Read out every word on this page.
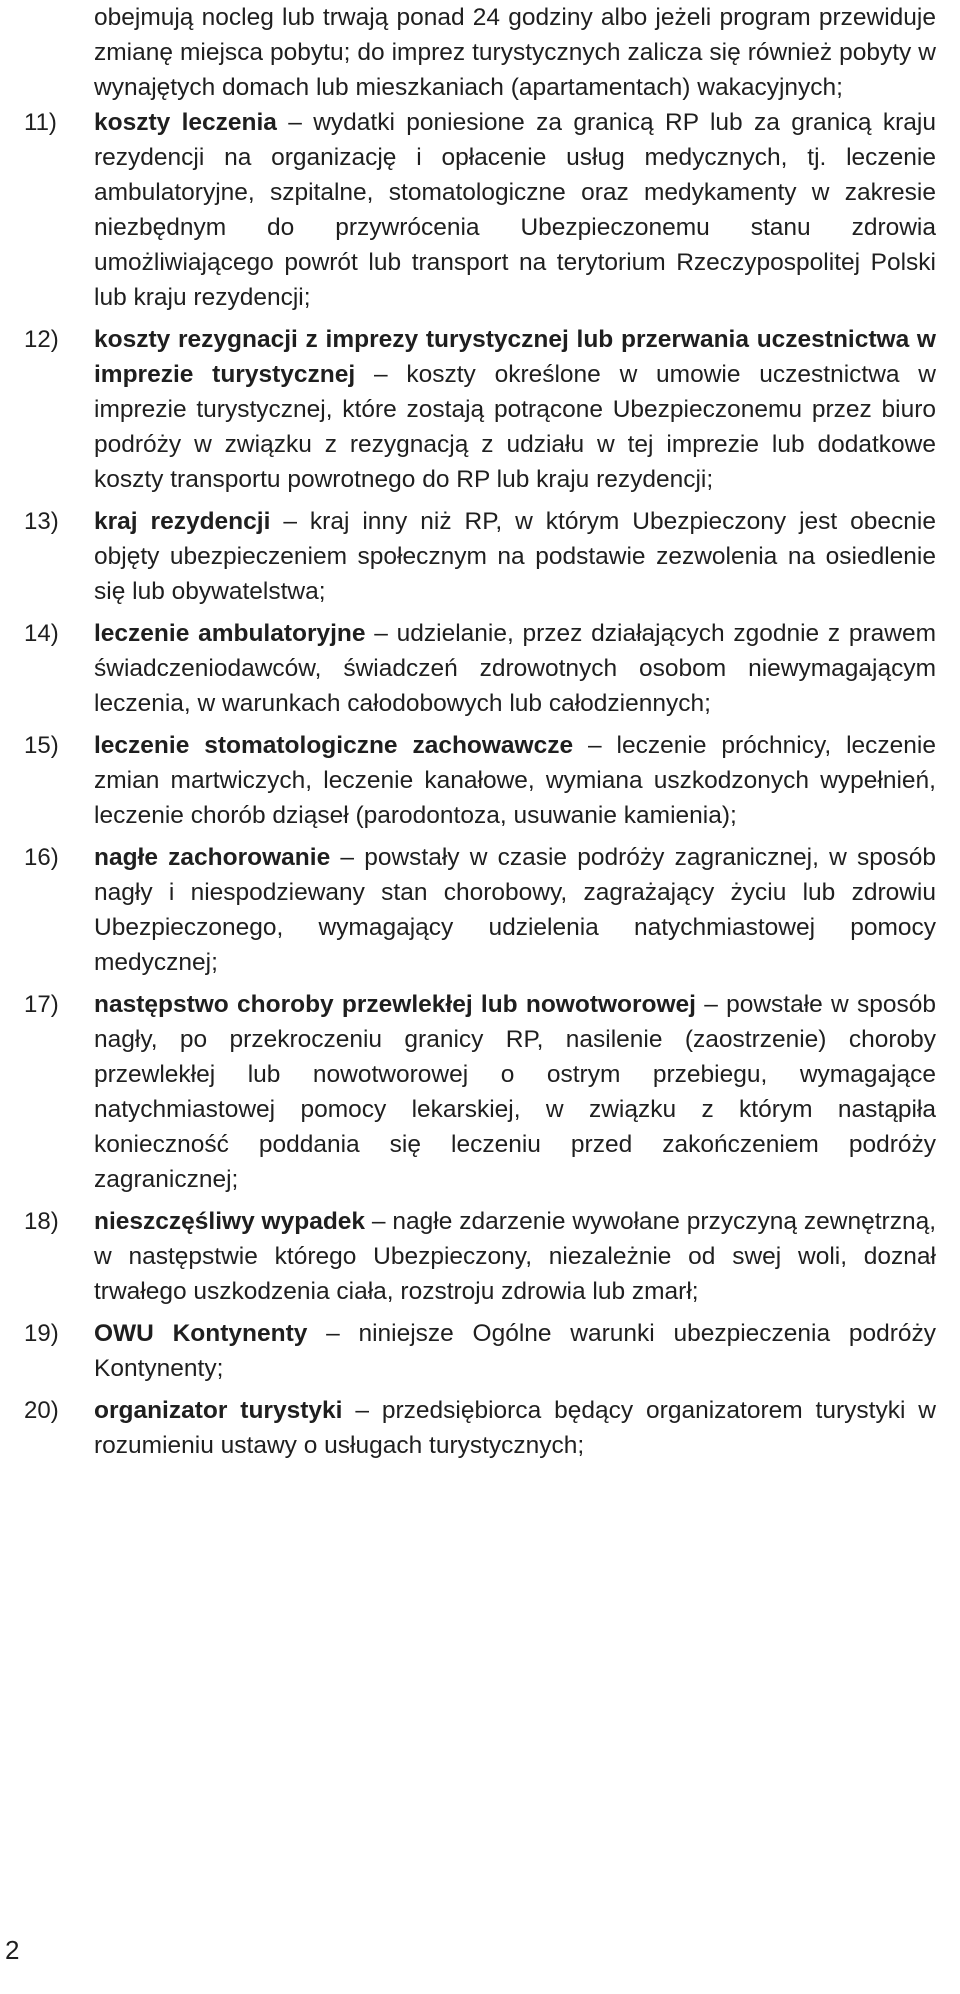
obejmują nocleg lub trwają ponad 24 godziny albo jeżeli program przewiduje zmianę miejsca pobytu; do imprez turystycznych zalicza się również pobyty w wynajętych domach lub mieszkaniach (apartamentach) wakacyjnych;

11)	koszty leczenia – wydatki poniesione za granicą RP lub za granicą kraju rezydencji na organizację i opłacenie usług medycznych, tj. leczenie ambulatoryjne, szpitalne, stomatologiczne oraz medykamenty w zakresie niezbędnym do przywrócenia Ubezpieczonemu stanu zdrowia umożliwiającego powrót lub transport na terytorium Rzeczypospolitej Polski lub kraju rezydencji;
12)	koszty rezygnacji z imprezy turystycznej lub przerwania uczestnictwa w imprezie turystycznej – koszty określone w umowie uczestnictwa w imprezie turystycznej, które zostają potrącone Ubezpieczonemu przez biuro podróży w związku z rezygnacją z udziału w tej imprezie lub dodatkowe koszty transportu powrotnego do RP lub kraju rezydencji;
13)	kraj rezydencji – kraj inny niż RP, w którym Ubezpieczony jest obecnie objęty ubezpieczeniem społecznym na podstawie zezwolenia na osiedlenie się lub obywatelstwa;
14)	leczenie ambulatoryjne – udzielanie, przez działających zgodnie z prawem świadczeniodawców, świadczeń zdrowotnych osobom niewymagającym leczenia, w warunkach całodobowych lub całodziennych;
15)	leczenie stomatologiczne zachowawcze – leczenie próchnicy, leczenie zmian martwiczych, leczenie kanałowe, wymiana uszkodzonych wypełnień, leczenie chorób dziąseł (parodontoza, usuwanie kamienia);
16)	nagłe zachorowanie – powstały w czasie podróży zagranicznej, w sposób nagły i niespodziewany stan chorobowy, zagrażający życiu lub zdrowiu Ubezpieczonego, wymagający udzielenia natychmiastowej pomocy medycznej;
17)	następstwo choroby przewlekłej lub nowotworowej – powstałe w sposób nagły, po przekroczeniu granicy RP, nasilenie (zaostrzenie) choroby przewlekłej lub nowotworowej o ostrym przebiegu, wymagające natychmiastowej pomocy lekarskiej, w związku z którym nastąpiła konieczność poddania się leczeniu przed zakończeniem podróży zagranicznej;
18)	nieszczęśliwy wypadek – nagłe zdarzenie wywołane przyczyną zewnętrzną, w następstwie którego Ubezpieczony, niezależnie od swej woli, doznał trwałego uszkodzenia ciała, rozstroju zdrowia lub zmarł;
19)	OWU Kontynenty – niniejsze Ogólne warunki ubezpieczenia podróży Kontynenty;
20)	organizator turystyki – przedsiębiorca będący organizatorem turystyki w rozumieniu ustawy o usługach turystycznych;
2
